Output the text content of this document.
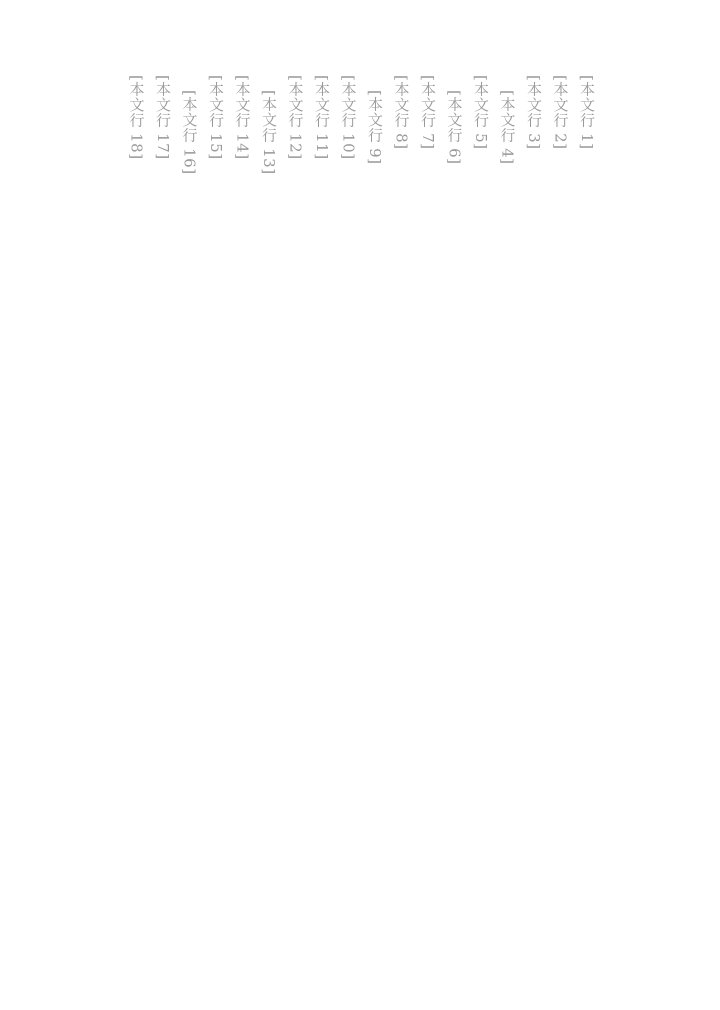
[本文行 1]
[本文行 2]
[本文行 3]
[本文行 4]
[本文行 5]
[本文行 6]
[本文行 7]
[本文行 8]
[本文行 9]
[本文行 10]
[本文行 11]
[本文行 12]
[本文行 13]
[本文行 14]
[本文行 15]
[本文行 16]
[本文行 17]
[本文行 18]
